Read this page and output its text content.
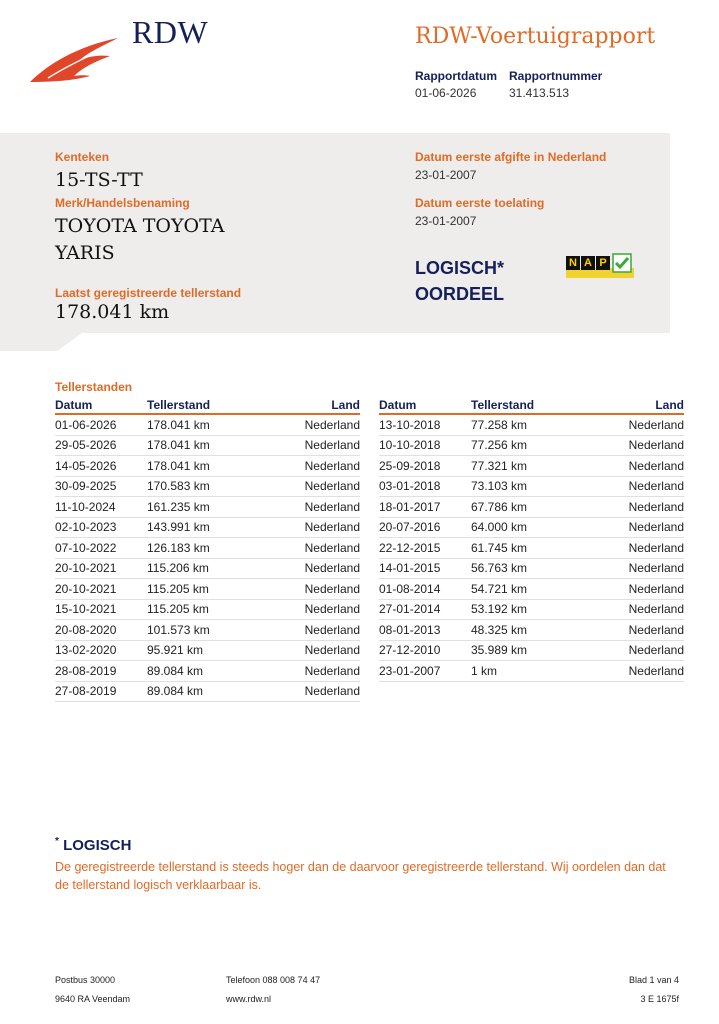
RDW	RDW-Voertuigrapport
Rapportdatum Rapportnummer
01-06-2026	31.413.513
Kenteken
15-TS-TT
Merk/Handelsbenaming
TOYOTA TOYOTA
YARIS
Laatst geregistreerde tellerstand
178.041 km
Datum eerste afgifte in Nederland
23-01-2007
Datum eerste toelating
23-01-2007
LOGISCH*
OORDEEL
N A P
Tellerstanden
Datum	Tellerstand	Land
01-06-2026	178.041 km	Nederland
29-05-2026	178.041 km	Nederland
14-05-2026	178.041 km	Nederland
30-09-2025	170.583 km	Nederland
11-10-2024	161.235 km	Nederland
02-10-2023	143.991 km	Nederland
07-10-2022	126.183 km	Nederland
20-10-2021	115.206 km	Nederland
20-10-2021	115.205 km	Nederland
15-10-2021	115.205 km	Nederland
20-08-2020	101.573 km	Nederland
13-02-2020	95.921 km	Nederland
28-08-2019	89.084 km	Nederland
27-08-2019	89.084 km	Nederland
Datum	Tellerstand	Land
13-10-2018	77.258 km	Nederland
10-10-2018	77.256 km	Nederland
25-09-2018	77.321 km	Nederland
03-01-2018	73.103 km	Nederland
18-01-2017	67.786 km	Nederland
20-07-2016	64.000 km	Nederland
22-12-2015	61.745 km	Nederland
14-01-2015	56.763 km	Nederland
01-08-2014	54.721 km	Nederland
27-01-2014	53.192 km	Nederland
08-01-2013	48.325 km	Nederland
27-12-2010	35.989 km	Nederland
23-01-2007	1 km	Nederland
* LOGISCH
De geregistreerde tellerstand is steeds hoger dan de daarvoor geregistreerde tellerstand. Wij oordelen dan dat de tellerstand logisch verklaarbaar is.
Postbus 30000
9640 RA Veendam
Telefoon 088 008 74 47
www.rdw.nl
Blad 1 van 4
3 E 1675f
